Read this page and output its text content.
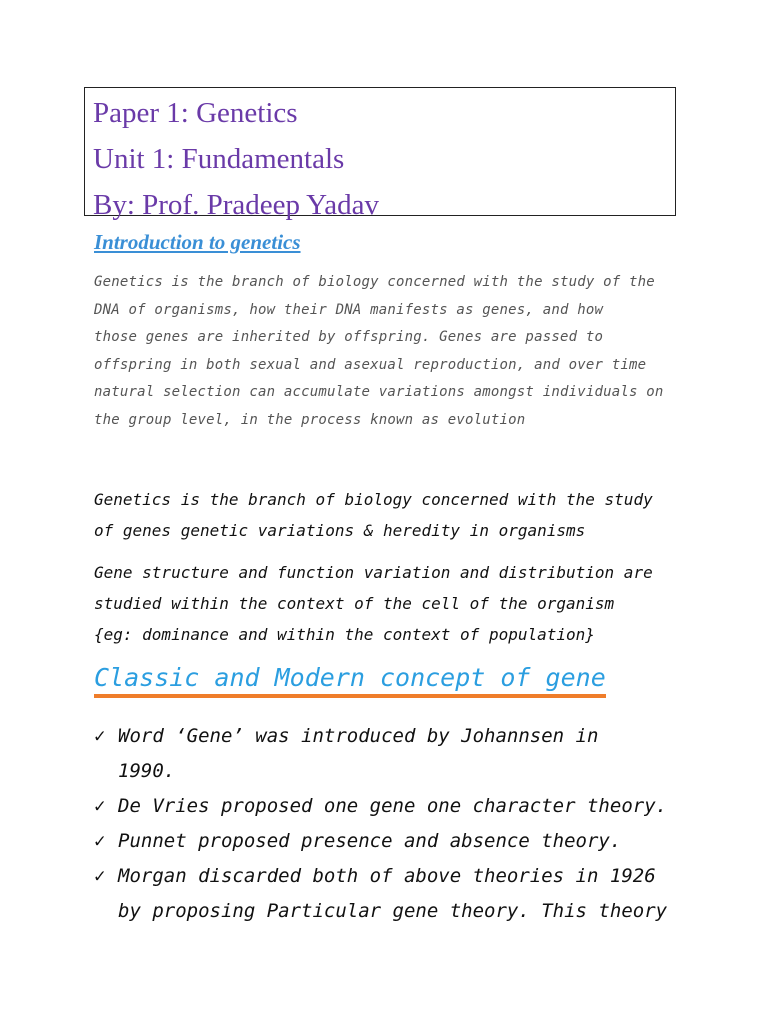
Paper 1: Genetics
Unit 1: Fundamentals
By: Prof. Pradeep Yadav
Introduction to genetics
Genetics is the branch of biology concerned with the study of the
DNA of organisms, how their DNA manifests as genes, and how
those genes are inherited by offspring. Genes are passed to
offspring in both sexual and asexual reproduction, and over time
natural selection can accumulate variations amongst individuals on
the group level, in the process known as evolution
Genetics is the branch of biology concerned with the study
of genes genetic variations & heredity in organisms
Gene structure and function variation and distribution are
studied within the context of the cell of the organism
{eg: dominance and within the context of population}
Classic and Modern concept of gene
✓ Word ‘Gene’ was introduced by Johannsen in
1990.
✓ De Vries proposed one gene one character theory.
✓ Punnet proposed presence and absence theory.
✓ Morgan discarded both of above theories in 1926
by proposing Particular gene theory. This theory
